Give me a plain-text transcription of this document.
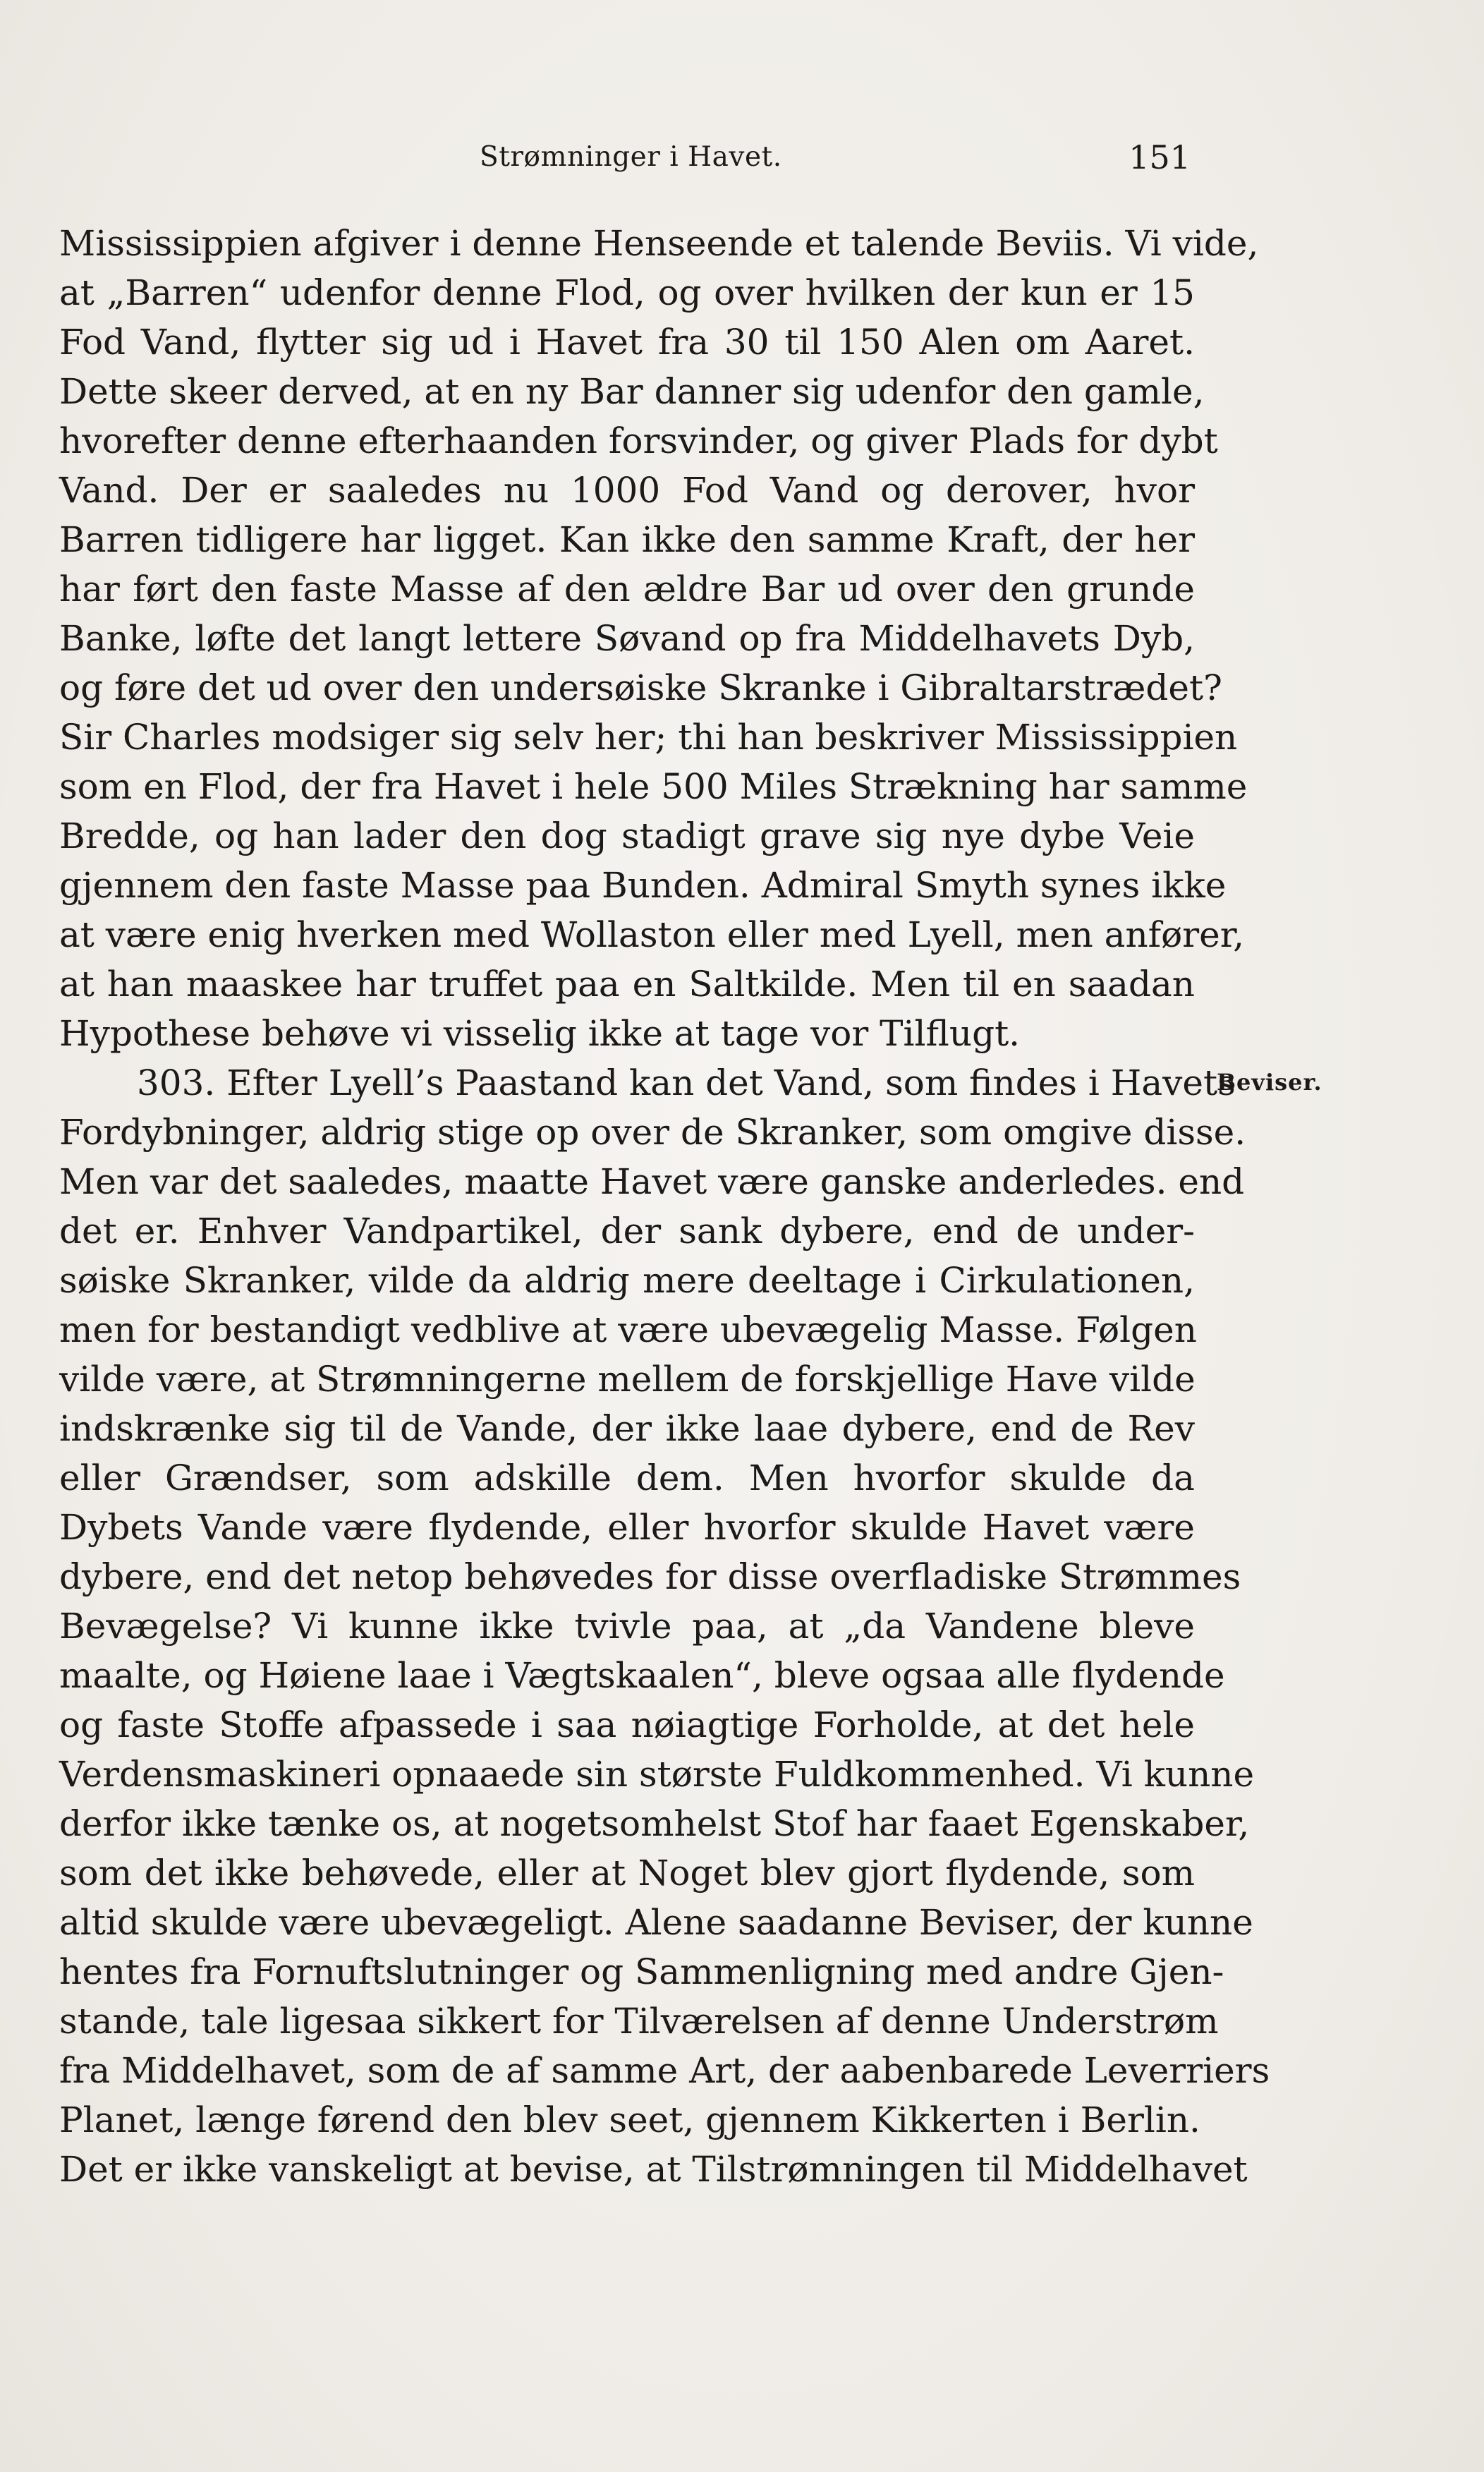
Strømninger i Havet.	151
Mississippien afgiver i denne Henseende et talende Beviis. Vi vide,
at „Barren“ udenfor denne Flod, og over hvilken der kun er 15
Fod Vand, flytter sig ud i Havet fra 30 til 150 Alen om Aaret.
Dette skeer derved, at en ny Bar danner sig udenfor den gamle,
hvorefter denne efterhaanden forsvinder, og giver Plads for dybt
Vand. Der er saaledes nu 1000 Fod Vand og derover, hvor
Barren tidligere har ligget. Kan ikke den samme Kraft, der her
har ført den faste Masse af den ældre Bar ud over den grunde
Banke, løfte det langt lettere Søvand op fra Middelhavets Dyb,
og føre det ud over den undersøiske Skranke i Gibraltarstrædet?
Sir Charles modsiger sig selv her; thi han beskriver Mississippien
som en Flod, der fra Havet i hele 500 Miles Strækning har samme
Bredde, og han lader den dog stadigt grave sig nye dybe Veie
gjennem den faste Masse paa Bunden. Admiral Smyth synes ikke
at være enig hverken med Wollaston eller med Lyell, men anfører,
at han maaskee har truffet paa en Saltkilde. Men til en saadan
Hypothese behøve vi visselig ikke at tage vor Tilflugt.
303. Efter Lyell’s Paastand kan det Vand, som findes i Havets
Fordybninger, aldrig stige op over de Skranker, som omgive disse.
Men var det saaledes, maatte Havet være ganske anderledes. end
det er. Enhver Vandpartikel, der sank dybere, end de under-
søiske Skranker, vilde da aldrig mere deeltage i Cirkulationen,
men for bestandigt vedblive at være ubevægelig Masse. Følgen
vilde være, at Strømningerne mellem de forskjellige Have vilde
indskrænke sig til de Vande, der ikke laae dybere, end de Rev
eller Grændser, som adskille dem. Men hvorfor skulde da
Dybets Vande være flydende, eller hvorfor skulde Havet være
dybere, end det netop behøvedes for disse overfladiske Strømmes
Bevægelse? Vi kunne ikke tvivle paa, at „da Vandene bleve
maalte, og Høiene laae i Vægtskaalen“, bleve ogsaa alle flydende
og faste Stoffe afpassede i saa nøiagtige Forholde, at det hele
Verdensmaskineri opnaaede sin største Fuldkommenhed. Vi kunne
derfor ikke tænke os, at nogetsomhelst Stof har faaet Egenskaber,
som det ikke behøvede, eller at Noget blev gjort flydende, som
altid skulde være ubevægeligt. Alene saadanne Beviser, der kunne
hentes fra Fornuftslutninger og Sammenligning med andre Gjen-
stande, tale ligesaa sikkert for Tilværelsen af denne Understrøm
fra Middelhavet, som de af samme Art, der aabenbarede Leverriers
Planet, længe førend den blev seet, gjennem Kikkerten i Berlin.
Det er ikke vanskeligt at bevise, at Tilstrømningen til Middelhavet
Beviser.
